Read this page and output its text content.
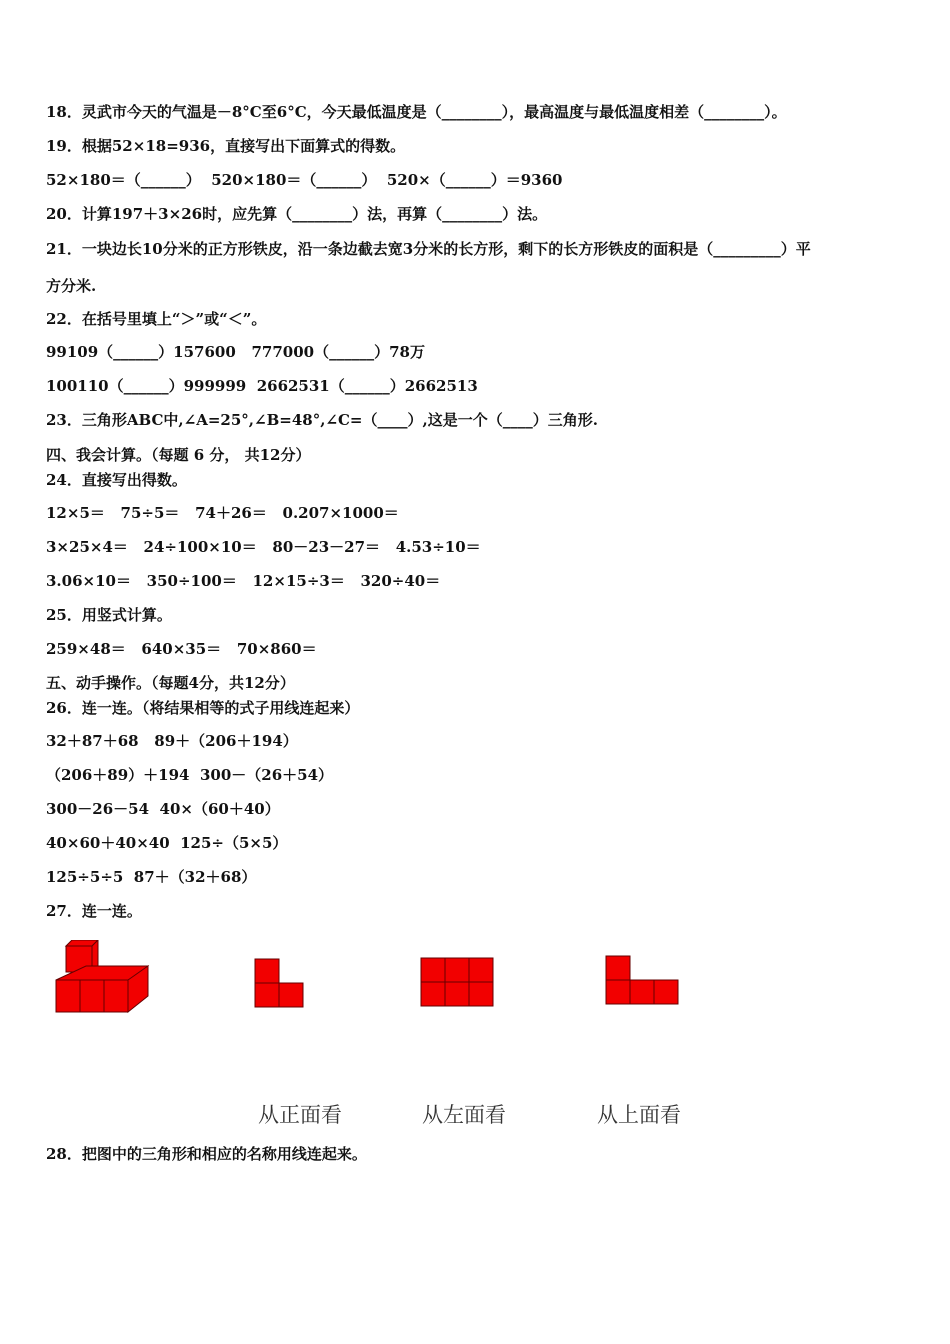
18．灵武市今天的气温是－8°C至6°C，今天最低温度是（________），最高温度与最低温度相差（________）。
19．根据52×18=936，直接写出下面算式的得数。
52×180＝（______）  520×180＝（______）  520×（______）＝9360
20．计算197＋3×26时，应先算（________）法，再算（________）法。
21．一块边长10分米的正方形铁皮，沿一条边截去宽3分米的长方形，剩下的长方形铁皮的面积是（_________）平
方分米.
22．在括号里填上“＞”或“＜”。
99109（______）157600   777000（______）78万
100110（______）999999  2662531（______）2662513
23．三角形ABC中,∠A=25°,∠B=48°,∠C=（____）,这是一个（____）三角形.
四、我会计算。（每题 6 分， 共12分）
24．直接写出得数。
12×5＝   75÷5＝   74＋26＝   0.207×1000＝
3×25×4＝   24÷100×10＝   80－23－27＝   4.53÷10＝
3.06×10＝   350÷100＝   12×15÷3＝   320÷40＝
25．用竖式计算。
259×48＝   640×35＝   70×860＝
五、动手操作。（每题4分，共12分）
26．连一连。（将结果相等的式子用线连起来）
32＋87＋68   89＋（206＋194）
（206＋89）＋194  300－（26＋54）
300－26－54  40×（60＋40）
40×60＋40×40  125÷（5×5）
125÷5÷5  87＋（32＋68）
27．连一连。
28．把图中的三角形和相应的名称用线连起来。
从正面看	从左面看	从上面看
